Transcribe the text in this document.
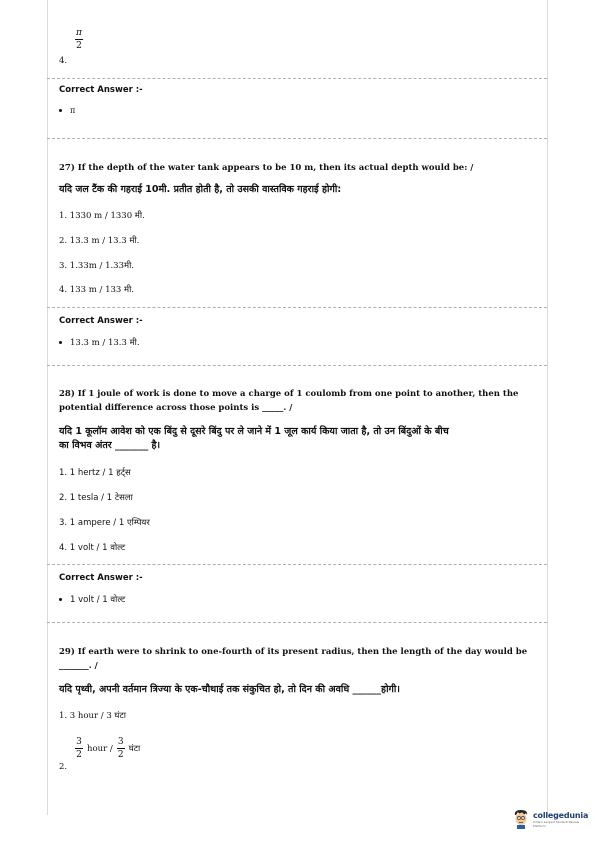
$\frac{\pi}{2}$
4.
Correct Answer :-
π
27) If the depth of the water tank appears to be 10 m, then its actual depth would be: /
यदि जल टैंक की गहराई 10मी. प्रतीत होती है, तो उसकी वास्तविक गहराई होगी:
1. 1330 m / 1330 मी.
2. 13.3 m / 13.3 मी.
3. 1.33m / 1.33मी.
4. 133 m / 133 मी.
Correct Answer :-
13.3 m / 13.3 मी.
28) If 1 joule of work is done to move a charge of 1 coulomb from one point to another, then the
potential difference across those points is _____. /
यदि 1 कूलॉम आवेश को एक बिंदु से दूसरे बिंदु पर ले जाने में 1 जूल कार्य किया जाता है, तो उन बिंदुओं के बीच
का विभव अंतर _______ है।
1. 1 hertz / 1 हर्ट्स
2. 1 tesla / 1 टेसला
3. 1 ampere / 1 एम्पियर
4. 1 volt / 1 वोल्ट
Correct Answer :-
1 volt / 1 वोल्ट
29) If earth were to shrink to one-fourth of its present radius, then the length of the day would be
_______. /
यदि पृथ्वी, अपनी वर्तमान त्रिज्या के एक-चौथाई तक संकुचित हो, तो दिन की अवधि ______होगी।
1. 3 hour / 3 घंटा
$\frac{3}{2}$ hour / $\frac{3}{2}$ घंटा
2.
collegedunia
India's Largest Student Review Platform
